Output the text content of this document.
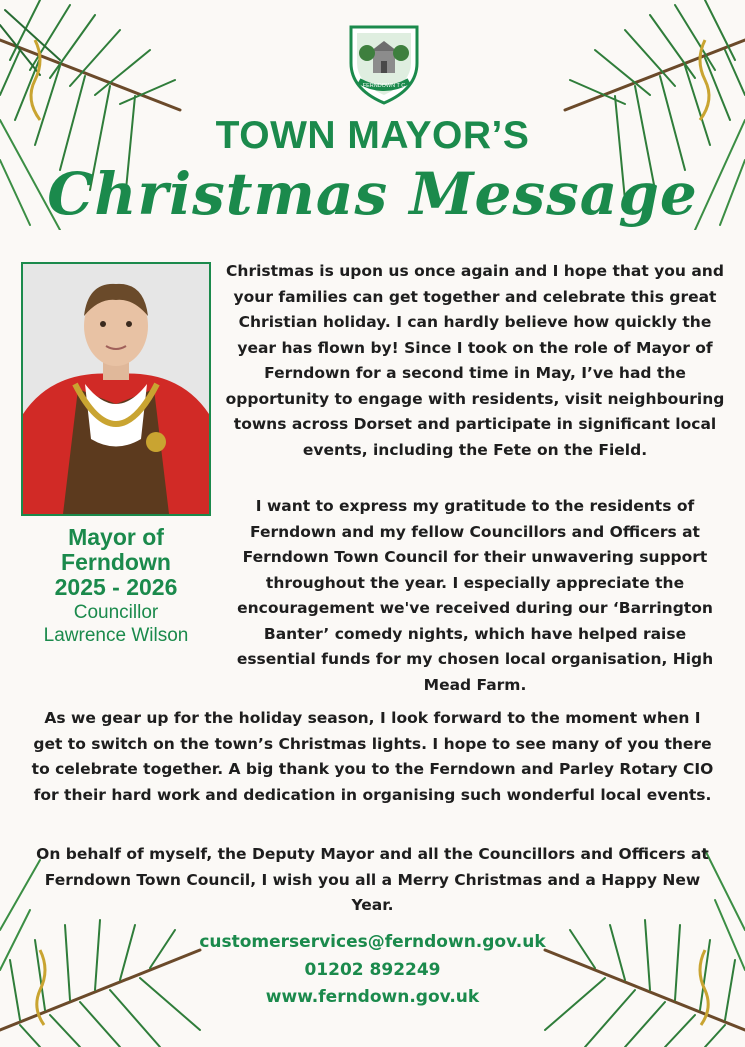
FERNDOWN T C
TOWN MAYOR’S
Christmas Message
Mayor of
Ferndown
2025 - 2026
Councillor
Lawrence Wilson

Christmas is upon us once again and I hope that you and your families can get together and celebrate this great Christian holiday. I can hardly believe how quickly the year has flown by! Since I took on the role of Mayor of Ferndown for a second time in May, I’ve had the opportunity to engage with residents, visit neighbouring towns across Dorset and participate in significant local events, including the Fete on the Field.

I want to express my gratitude to the residents of Ferndown and my fellow Councillors and Officers at Ferndown Town Council for their unwavering support throughout the year. I especially appreciate the encouragement we've received during our ‘Barrington Banter’ comedy nights, which have helped raise essential funds for my chosen local organisation, High Mead Farm.

As we gear up for the holiday season, I look forward to the moment when I get to switch on the town’s Christmas lights. I hope to see many of you there to celebrate together. A big thank you to the Ferndown and Parley Rotary CIO for their hard work and dedication in organising such wonderful local events.

On behalf of myself, the Deputy Mayor and all the Councillors and Officers at Ferndown Town Council, I wish you all a Merry Christmas and a Happy New Year.

customerservices@ferndown.gov.uk
01202 892249
www.ferndown.gov.uk
